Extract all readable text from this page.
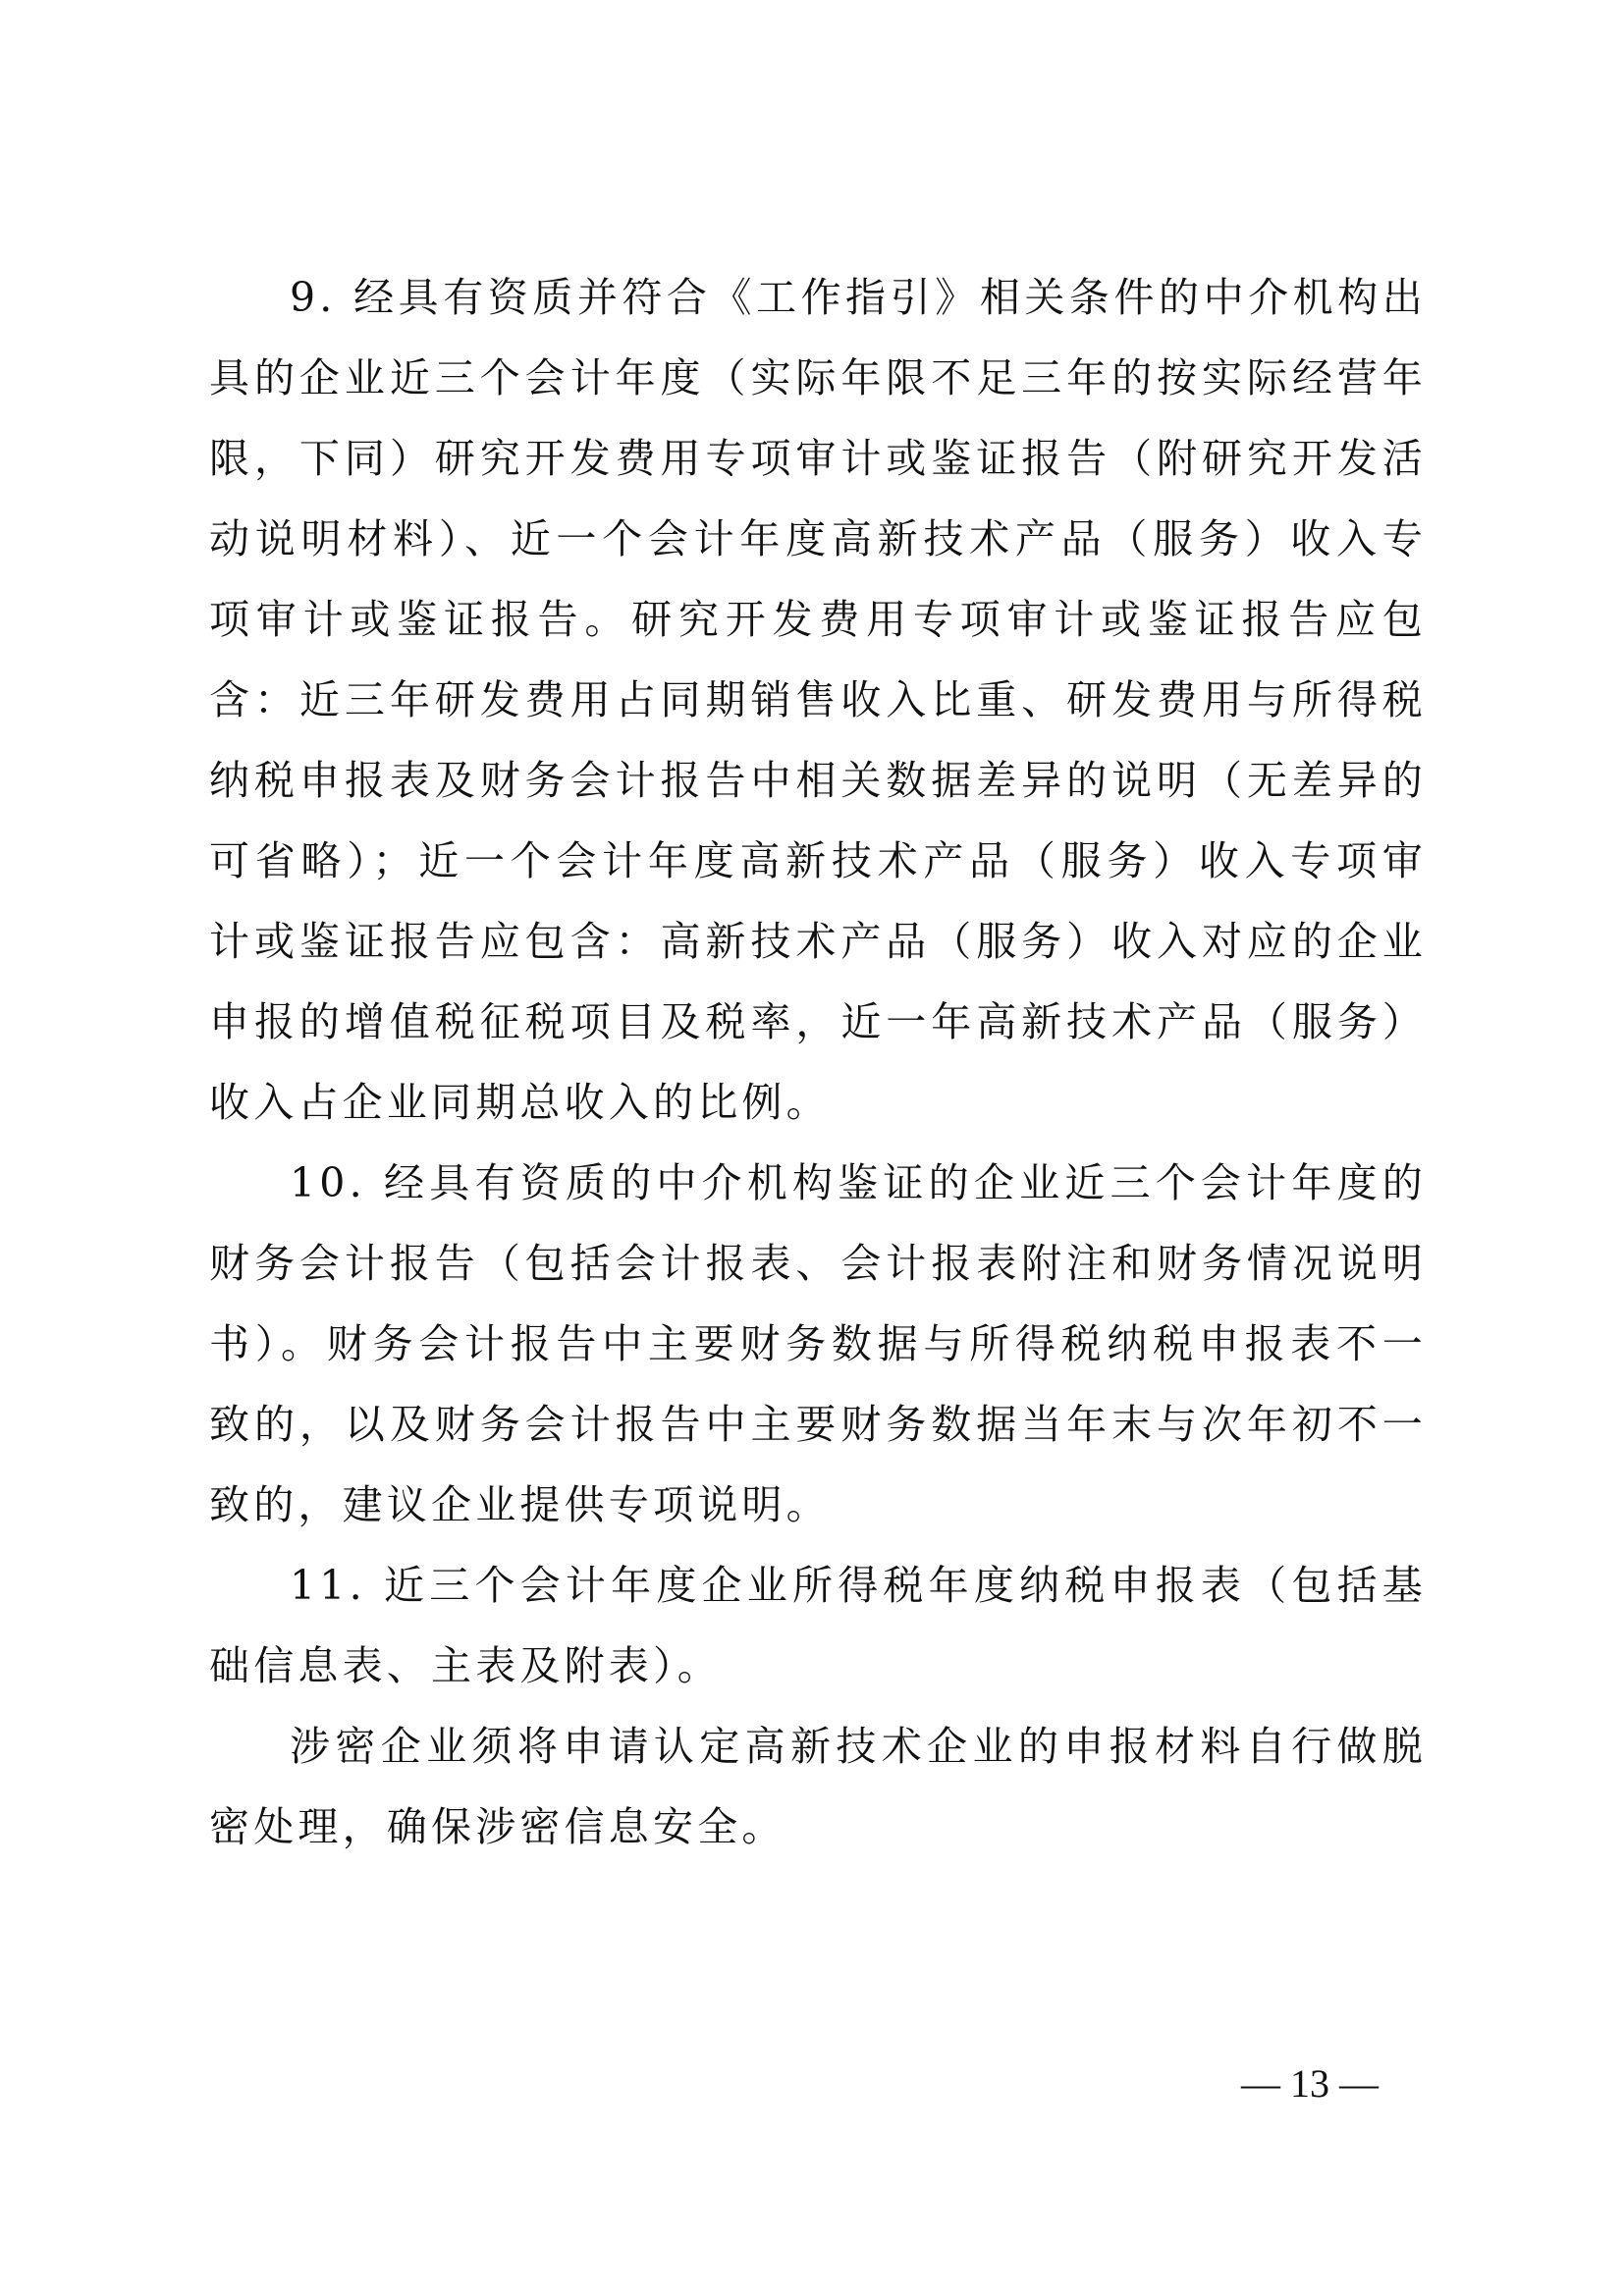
9. 经具有资质并符合《工作指引》相关条件的中介机构出具的企业近三个会计年度（实际年限不足三年的按实际经营年限，下同）研究开发费用专项审计或鉴证报告（附研究开发活动说明材料）、近一个会计年度高新技术产品（服务）收入专项审计或鉴证报告。研究开发费用专项审计或鉴证报告应包含：近三年研发费用占同期销售收入比重、研发费用与所得税纳税申报表及财务会计报告中相关数据差异的说明（无差异的可省略）；近一个会计年度高新技术产品（服务）收入专项审计或鉴证报告应包含：高新技术产品（服务）收入对应的企业申报的增值税征税项目及税率，近一年高新技术产品（服务）收入占企业同期总收入的比例。

10. 经具有资质的中介机构鉴证的企业近三个会计年度的财务会计报告（包括会计报表、会计报表附注和财务情况说明书）。财务会计报告中主要财务数据与所得税纳税申报表不一致的，以及财务会计报告中主要财务数据当年末与次年初不一致的，建议企业提供专项说明。

11. 近三个会计年度企业所得税年度纳税申报表（包括基础信息表、主表及附表）。

涉密企业须将申请认定高新技术企业的申报材料自行做脱密处理，确保涉密信息安全。

— 13 —
